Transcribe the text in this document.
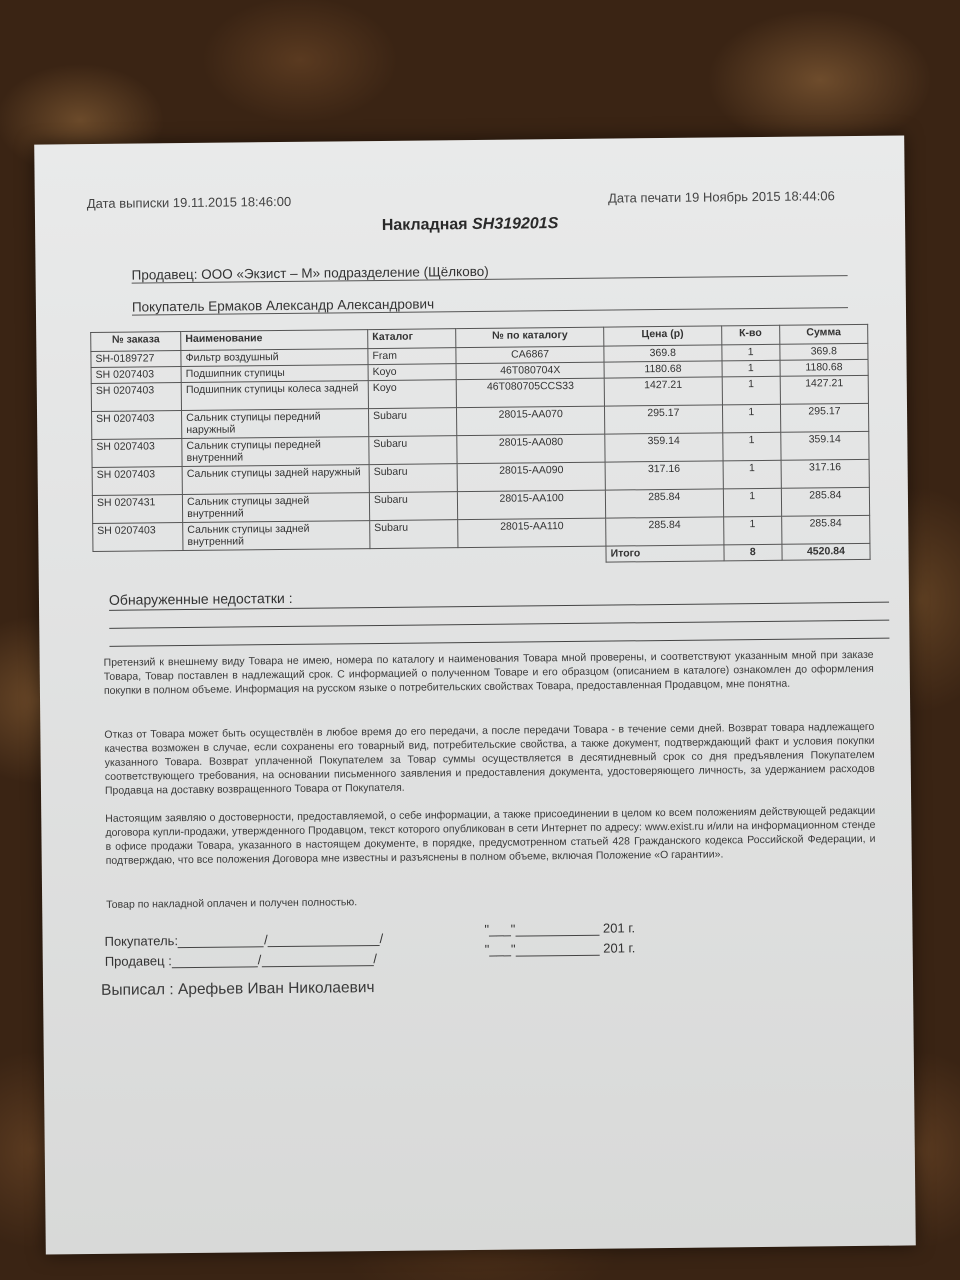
Дата выписки 19.11.2015 18:46:00	Дата печати 19 Ноябрь 2015 18:44:06
Накладная SH319201S
Продавец: ООО «Экзист – М» подразделение (Щёлково)
Покупатель Ермаков Александр Александрович
№ заказа	Наименование	Каталог	№ по каталогу	Цена (р)	К-во	Сумма
SH-0189727	Фильтр воздушный	Fram	CA6867	369.8	1	369.8
SH 0207403	Подшипник ступицы	Koyo	46T080704X	1180.68	1	1180.68
SH 0207403	Подшипник ступицы колеса задней	Koyo	46T080705CCS33	1427.21	1	1427.21
SH 0207403	Сальник ступицы передний наружный	Subaru	28015-AA070	295.17	1	295.17
SH 0207403	Сальник ступицы передней внутренний	Subaru	28015-AA080	359.14	1	359.14
SH 0207403	Сальник ступицы задней наружный	Subaru	28015-AA090	317.16	1	317.16
SH 0207431	Сальник ступицы задней внутренний	Subaru	28015-AA100	285.84	1	285.84
SH 0207403	Сальник ступицы задней внутренний	Subaru	28015-AA110	285.84	1	285.84
				Итого	8	4520.84
Обнаруженные недостатки :
Претензий к внешнему виду Товара не имею, номера по каталогу и наименования Товара мной проверены, и соответствуют указанным мной при заказе Товара, Товар поставлен в надлежащий срок. С информацией о полученном Товаре и его образцом (описанием в каталоге) ознакомлен до оформления покупки в полном объеме. Информация на русском языке о потребительских свойствах Товара, предоставленная Продавцом, мне понятна.
Отказ от Товара может быть осуществлён в любое время до его передачи, а после передачи Товара - в течение семи дней. Возврат товара надлежащего качества возможен в случае, если сохранены его товарный вид, потребительские свойства, а также документ, подтверждающий факт и условия покупки указанного Товара. Возврат уплаченной Покупателем за Товар суммы осуществляется в десятидневный срок со дня предъявления Покупателем соответствующего требования, на основании письменного заявления и предоставления документа, удостоверяющего личность, за удержанием расходов Продавца на доставку возвращенного Товара от Покупателя.
Настоящим заявляю о достоверности, предоставляемой, о себе информации, а также присоединении в целом ко всем положениям действующей редакции договора купли-продажи, утвержденного Продавцом, текст которого опубликован в сети Интернет по адресу: www.exist.ru и/или на информационном стенде в офисе продажи Товара, указанного в настоящем документе, в порядке, предусмотренном статьей 428 Гражданского кодекса Российской Федерации, и подтверждаю, что все положения Договора мне известны и разъяснены в полном объеме, включая Положение «О гарантии».
Товар по накладной оплачен и получен полностью.
Покупатель:	/	/
Продавец :	/	/
"___"	201 г.
"___"	201 г.
Выписал : Арефьев Иван Николаевич
